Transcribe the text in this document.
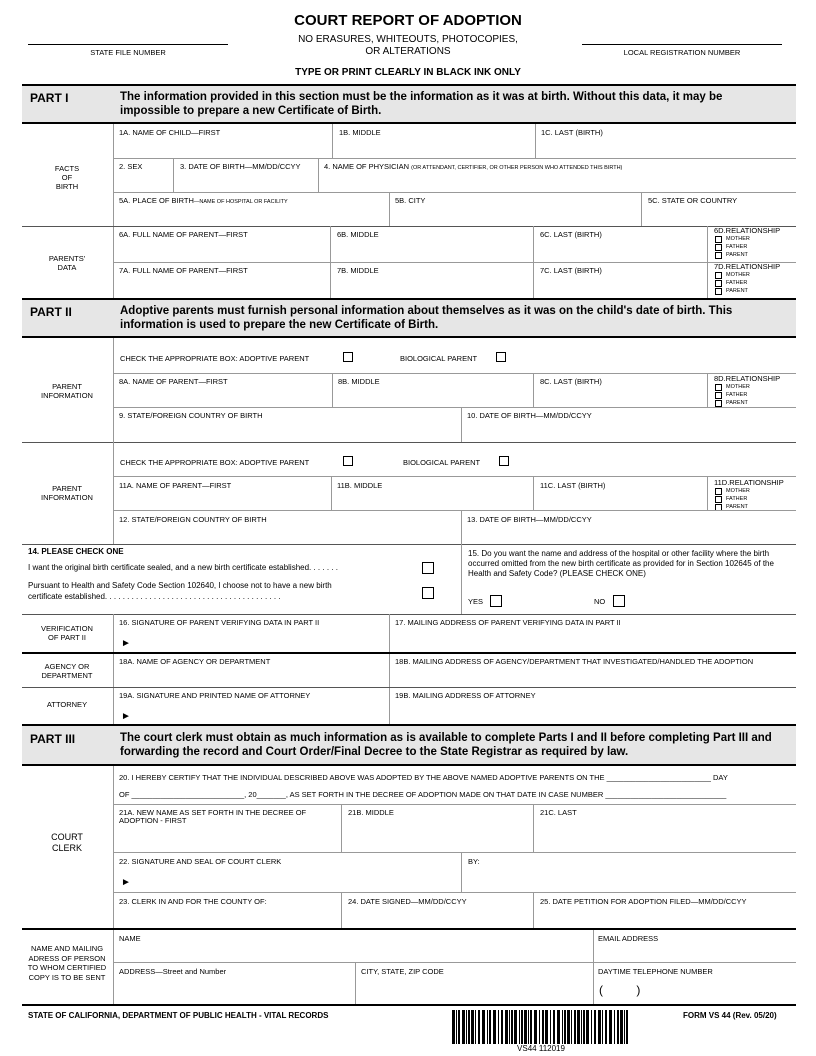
COURT REPORT OF ADOPTION
NO ERASURES, WHITEOUTS, PHOTOCOPIES,
OR ALTERATIONS
STATE FILE NUMBER	LOCAL REGISTRATION NUMBER
TYPE OR PRINT CLEARLY IN BLACK INK ONLY
PART I	The information provided in this section must be the information as it was at birth. Without this data, it may be impossible to prepare a new Certificate of Birth.
FACTS
OF
BIRTH
1A. NAME OF CHILD—FIRST	1B. MIDDLE	1C. LAST (BIRTH)
2. SEX	3. DATE OF BIRTH—MM/DD/CCYY	4. NAME OF PHYSICIAN (OR ATTENDANT, CERTIFIER, OR OTHER PERSON WHO ATTENDED THIS BIRTH)
5A. PLACE OF BIRTH—NAME OF HOSPITAL OR FACILITY	5B. CITY	5C. STATE OR COUNTRY
PARENTS'
DATA
6A. FULL NAME OF PARENT—FIRST	6B. MIDDLE	6C. LAST (BIRTH)	6D.RELATIONSHIP
MOTHER
FATHER
PARENT
7A. FULL NAME OF PARENT—FIRST	7B. MIDDLE	7C. LAST (BIRTH)	7D.RELATIONSHIP
MOTHER
FATHER
PARENT
PART II	Adoptive parents must furnish personal information about themselves as it was on the child's date of birth. This information is used to prepare the new Certificate of Birth.
PARENT
INFORMATION
CHECK THE APPROPRIATE BOX: ADOPTIVE PARENT	BIOLOGICAL PARENT
8A. NAME OF PARENT—FIRST	8B. MIDDLE	8C. LAST (BIRTH)	8D.RELATIONSHIP
MOTHER
FATHER
PARENT
9. STATE/FOREIGN COUNTRY OF BIRTH	10. DATE OF BIRTH—MM/DD/CCYY
PARENT
INFORMATION
CHECK THE APPROPRIATE BOX: ADOPTIVE PARENT	BIOLOGICAL PARENT
11A. NAME OF PARENT—FIRST	11B. MIDDLE	11C. LAST (BIRTH)	11D.RELATIONSHIP
MOTHER
FATHER
PARENT
12. STATE/FOREIGN COUNTRY OF BIRTH	13. DATE OF BIRTH—MM/DD/CCYY
14. PLEASE CHECK ONE
I want the original birth certificate sealed, and a new birth certificate established. . . . . . .
Pursuant to Health and Safety Code Section 102640, I choose not to have a new birth
certificate established. . . . . . . . . . . . . . . . . . . . . . . . . . . . . . . . . . . . . . . .
15. Do you want the name and address of the hospital or other facility where the birth occurred omitted from the new birth certificate as provided for in Section 102645 of the Health and Safety Code? (PLEASE CHECK ONE)
YES	NO
VERIFICATION
OF PART II
16. SIGNATURE OF PARENT VERIFYING DATA IN PART II
►
17. MAILING ADDRESS OF PARENT VERIFYING DATA IN PART II
AGENCY OR
DEPARTMENT
18A. NAME OF AGENCY OR DEPARTMENT	18B. MAILING ADDRESS OF AGENCY/DEPARTMENT THAT INVESTIGATED/HANDLED THE ADOPTION
ATTORNEY
19A. SIGNATURE AND PRINTED NAME OF ATTORNEY
►
19B. MAILING ADDRESS OF ATTORNEY
PART III	The court clerk must obtain as much information as is available to complete Parts I and II before completing Part III and forwarding the record and Court Order/Final Decree to the State Registrar as required by law.
COURT
CLERK
20. I HEREBY CERTIFY THAT THE INDIVIDUAL DESCRIBED ABOVE WAS ADOPTED BY THE ABOVE NAMED ADOPTIVE PARENTS ON THE _________________________ DAY
OF ___________________________, 20_______, AS SET FORTH IN THE DECREE OF ADOPTION MADE ON THAT DATE IN CASE NUMBER _____________________________
21A. NEW NAME AS SET FORTH IN THE DECREE OF ADOPTION - FIRST
21B. MIDDLE	21C. LAST
22. SIGNATURE AND SEAL OF COURT CLERK
►
BY:
23. CLERK IN AND FOR THE COUNTY OF:	24. DATE SIGNED—MM/DD/CCYY	25. DATE PETITION FOR ADOPTION FILED—MM/DD/CCYY
NAME AND MAILING ADRESS OF PERSON TO WHOM CERTIFIED COPY IS TO BE SENT
NAME	EMAIL ADDRESS
ADDRESS—Street and Number	CITY, STATE, ZIP CODE	DAYTIME TELEPHONE NUMBER
(          )
STATE OF CALIFORNIA, DEPARTMENT OF PUBLIC HEALTH - VITAL RECORDS
VS44 112019
FORM VS 44 (Rev. 05/20)
